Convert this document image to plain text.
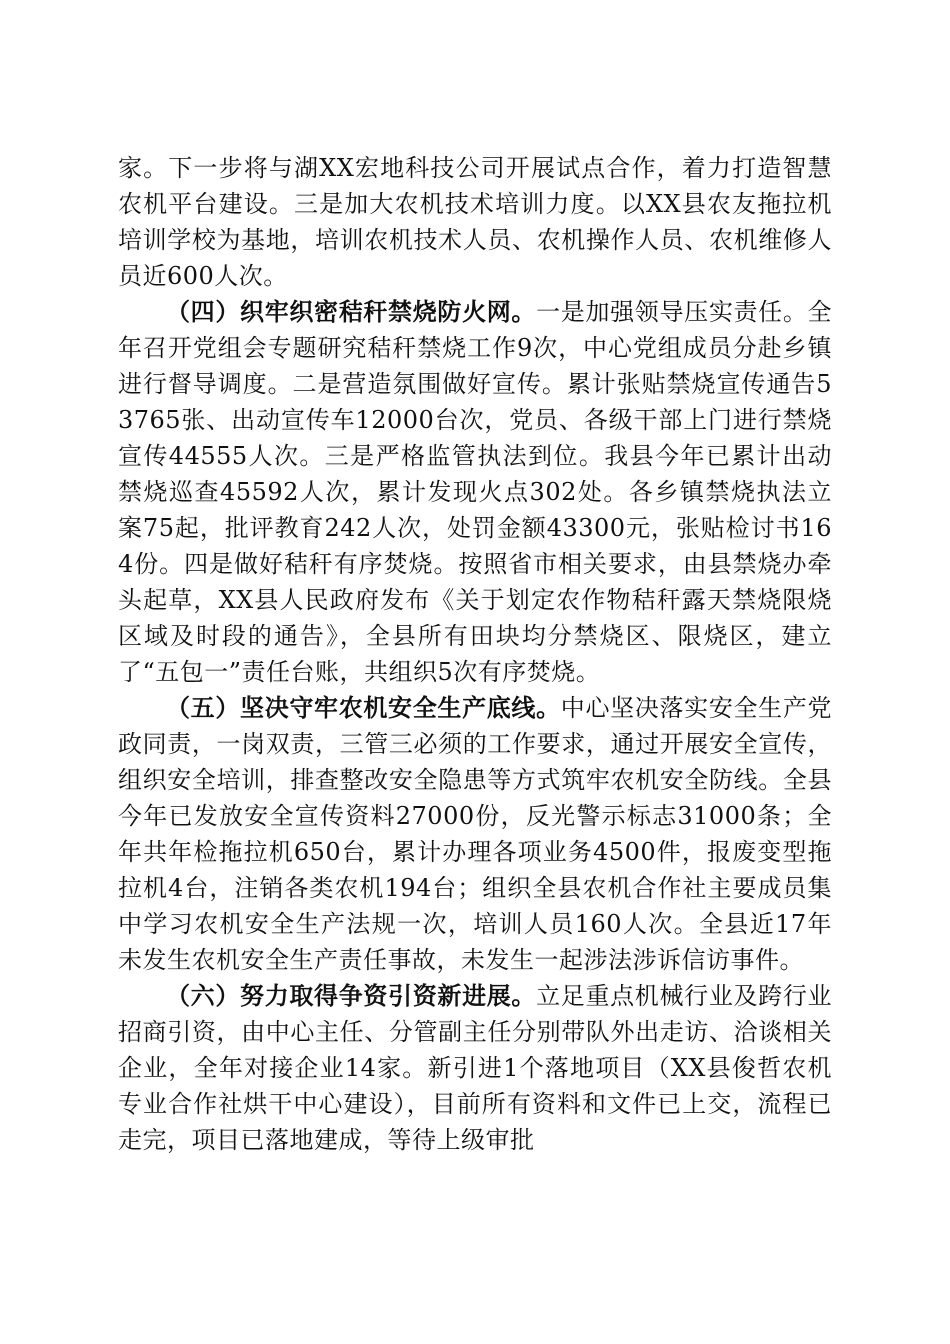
家。下一步将与湖XX宏地科技公司开展试点合作，着力打造智慧农机平台建设。三是加大农机技术培训力度。以XX县农友拖拉机培训学校为基地，培训农机技术人员、农机操作人员、农机维修人员近600人次。

（四）织牢织密秸秆禁烧防火网。一是加强领导压实责任。全年召开党组会专题研究秸秆禁烧工作9次，中心党组成员分赴乡镇进行督导调度。二是营造氛围做好宣传。累计张贴禁烧宣传通告53765张、出动宣传车12000台次，党员、各级干部上门进行禁烧宣传44555人次。三是严格监管执法到位。我县今年已累计出动禁烧巡查45592人次，累计发现火点302处。各乡镇禁烧执法立案75起，批评教育242人次，处罚金额43300元，张贴检讨书164份。四是做好秸秆有序焚烧。按照省市相关要求，由县禁烧办牵头起草，XX县人民政府发布《关于划定农作物秸秆露天禁烧限烧区域及时段的通告》，全县所有田块均分禁烧区、限烧区，建立了“五包一”责任台账，共组织5次有序焚烧。

（五）坚决守牢农机安全生产底线。中心坚决落实安全生产党政同责，一岗双责，三管三必须的工作要求，通过开展安全宣传，组织安全培训，排查整改安全隐患等方式筑牢农机安全防线。全县今年已发放安全宣传资料27000份，反光警示标志31000条；全年共年检拖拉机650台，累计办理各项业务4500件，报废变型拖拉机4台，注销各类农机194台；组织全县农机合作社主要成员集中学习农机安全生产法规一次，培训人员160人次。全县近17年未发生农机安全生产责任事故，未发生一起涉法涉诉信访事件。

（六）努力取得争资引资新进展。立足重点机械行业及跨行业招商引资，由中心主任、分管副主任分别带队外出走访、洽谈相关企业，全年对接企业14家。新引进1个落地项目（XX县俊哲农机专业合作社烘干中心建设），目前所有资料和文件已上交，流程已走完，项目已落地建成，等待上级审批
